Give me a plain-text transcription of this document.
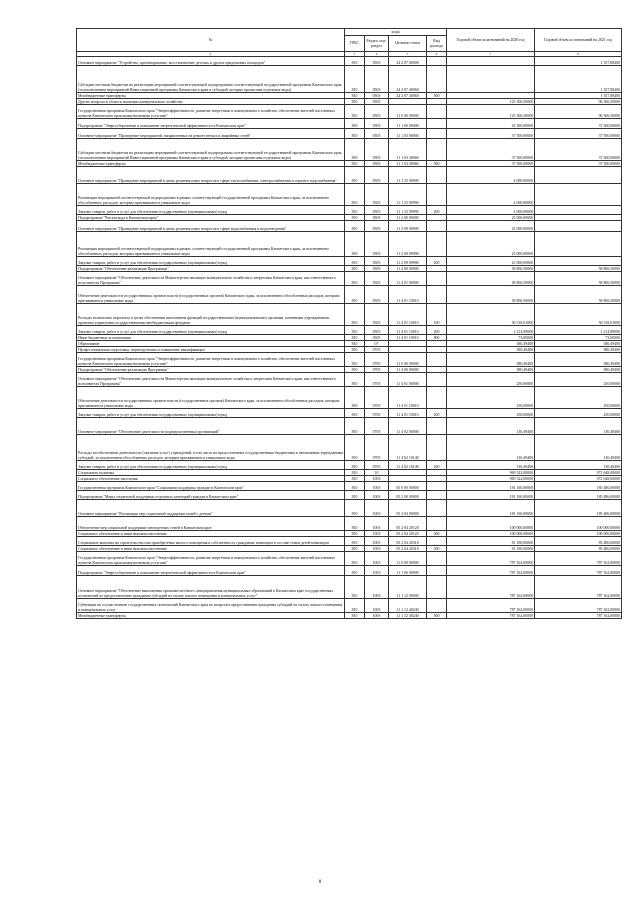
№	коды				Годовой объем ассигнований на 2020 год	Годовой объем ассигнований на 2021 год
	ГРБС	Раздел, под-раздел	Целевая статья	Вид расхода		
2	3	4	5	6	7	8
Основное мероприятие "Устройство, проектирование, восстановление детских и других придомовых площадок"	810	0503	24 2 07 00000			1 357,88400
Субсидии местным бюджетам на реализацию мероприятий соответствующей подпрограммы соответствующей государственной программы Камчатского края (за исключением мероприятий Инвестиционной программы Камчатского края и субсидий, которые прописаны отдельные коды)	810	0503	24 2 07 40060			1 357,88400
Межбюджетные трансферты	810	0503	24 2 07 40060	500		1 357,88400
Другие вопросы в области жилищно-коммунального хозяйства	810	0505			125 306,50000	96 306,50000
Государственная программа Камчатского края "Энергоэффективность, развитие энергетики и коммунального хозяйства, обеспечение жителей населенных пунктов Камчатского края коммунальными услугами"	810	0505	11 0 00 00000		125 306,50000	96 306,50000
Подпрограмма "Энергосбережение и повышение энергетической эффективности в Камчатском крае"	810	0505	11 1 00 00000		41 500,00000	37 500,00000
Основное мероприятие "Проведение мероприятий, направленных на ремонт ветхих и аварийных сетей"	810	0505	11 1 03 00000		37 500,00000	37 500,00000
Субсидии местным бюджетам на реализацию мероприятий соответствующей подпрограммы соответствующей государственной программы Камчатского края (за исключением мероприятий Инвестиционной программы Камчатского края и субсидий, которые прописаны отдельные коды)	810	0505	11 1 03 40060		37 500,00000	37 500,00000
Межбюджетные трансферты	810	0505	11 1 03 40060	500	37 500,00000	37 500,00000
Основное мероприятие "Проведение мероприятий в целях решения иных вопросов в сфере теплоснабжения, электроснабжения и горячего водоснабжения"	810	0505	11 1 25 00000		4 000,00000	
Реализация мероприятий соответствующей подпрограммы в рамках соответствующей государственной программы Камчатского края, за исключением обособленных расходов, которым присваиваются уникальные коды	810	0505	11 1 25 09990		4 000,00000	
Закупка товаров, работ и услуг для обеспечения государственных (муниципальных) нужд	810	0505	11 1 25 09990	200	4 000,00000	
Подпрограмма "Чистая вода в Камчатском крае"	810	0505	11 2 00 00000		25 000,00000	
Основное мероприятие "Проведение мероприятий в целях решения иных вопросов в сфере водоснабжения и водоотведения"	810	0505	11 2 09 00000		25 000,00000	
Реализация мероприятий соответствующей подпрограммы в рамках соответствующей государственной программы Камчатского края, за исключением обособленных расходов, которым присваиваются уникальные коды	810	0505	11 2 09 09990		25 000,00000	
Закупка товаров, работ и услуг для обеспечения государственных (муниципальных) нужд	810	0505	11 2 09 09990	200	25 000,00000	
Подпрограмма "Обеспечение реализации Программы"	810	0505	11 4 00 00000		58 806,50000	58 806,50000
Основное мероприятие "Обеспечение деятельности Министерства жилищно-коммунального хозяйства и энергетики Камчатского края, как ответственного исполнителя Программы"	810	0505	11 4 01 00000		58 806,50000	58 806,50000
Обеспечение деятельности государственных органов власти (государственных органов) Камчатского края, за исключением обособленных расходов, которым присваиваются уникальные коды	810	0505	11 4 01 10010		58 806,50000	58 806,50000
Расходы на выплаты персоналу в целях обеспечения выполнения функций государственными (муниципальными) органами, казенными учреждениями, органами управления государственными внебюджетными фондами	810	0505	11 4 01 10010	100	56 518,61000	56 518,61000
Закупка товаров, работ и услуг для обеспечения государственных (муниципальных) нужд	810	0505	11 4 01 10010	200	2 214,89000	2 214,89000
Иные бюджетные ассигнования	810	0505	11 4 01 10010	800	73,00000	73,00000
Образование	810	07			380,49400	380,49400
Профессиональная подготовка, переподготовка и повышение квалификации	810	0705			380,49400	380,49400
Государственная программа Камчатского края "Энергоэффективность, развитие энергетики и коммунального хозяйства, обеспечение жителей населенных пунктов Камчатского края коммунальными услугами"	810	0705	11 0 00 00000		380,49400	380,49400
Подпрограмма "Обеспечение реализации Программы"	810	0705	11 4 00 00000		380,49400	380,49400
Основное мероприятие "Обеспечение деятельности Министерства жилищно-коммунального хозяйства и энергетики Камчатского края, как ответственного исполнителя Программы"	810	0705	11 4 01 00000		250,00000	250,00000
Обеспечение деятельности государственных органов власти (государственных органов) Камчатского края, за исключением обособленных расходов, которым присваиваются уникальные коды	810	0705	11 4 01 10010		250,00000	250,00000
Закупка товаров, работ и услуг для обеспечения государственных (муниципальных) нужд	810	0705	11 4 01 10010	200	250,00000	250,00000
Основное мероприятие "Обеспечение деятельности подведомственных организаций"	810	0705	11 4 02 00000		130,49400	130,49400
Расходы на обеспечение деятельности (оказание услуг) учреждений, в том числе на предоставление государственным бюджетным и автономным учреждениям субсидий, за исключением обособленных расходов, которым присваиваются уникальные коды	810	0705	11 4 02 10140		130,49400	130,49400
Закупка товаров, работ и услуг для обеспечения государственных (муниципальных) нужд	810	0705	11 4 02 10140	200	130,49400	130,49400
Социальная политика	810	10			969 322,00000	972 648,00000
Социальное обеспечение населения	810	1003			969 322,00000	972 648,00000
Государственная программа Камчатского края "Социальная поддержка граждан в Камчатском крае"	810	1003	05 0 00 00000		181 160,00000	185 486,00000
Подпрограмма "Меры социальной поддержки отдельных категорий граждан в Камчатском крае"	810	1003	05 2 00 00000		181 160,00000	185 486,00000
Основное мероприятие "Реализация мер социальной поддержки семей с детьми"	810	1003	05 2 04 00000		181 160,00000	185 486,00000
Обеспечение мер социальной поддержки многодетных семей в Камчатском крае	810	1003	05 2 04 20120		100 000,00000	100 000,00000
Социальное обеспечение и иные выплаты населению	810	1003	05 2 04 20120	300	100 000,00000	100 000,00000
Социальные выплаты на строительство или приобретение жилого помещения в собственность гражданам, имеющим в составе семьи детей-инвалидов	810	1003	05 2 04 20310		81 160,00000	85 486,00000
Социальное обеспечение и иные выплаты населению	810	1003	05 2 04 20310	300	81 160,00000	85 486,00000
Государственная программа Камчатского края "Энергоэффективность, развитие энергетики и коммунального хозяйства, обеспечение жителей населенных пунктов Камчатского края коммунальными услугами"	810	1003	11 0 00 00000		787 162,00000	787 162,00000
Подпрограмма "Энергосбережение и повышение энергетической эффективности в Камчатском крае"	810	1003	11 1 00 00000		787 162,00000	787 162,00000
Основное мероприятие "Обеспечение выполнения органами местного самоуправления муниципальных образований в Камчатском крае государственных полномочий по предоставлению гражданам субсидий на оплату жилого помещения и коммунальных услуг"	810	1003	11 1 12 00000		787 162,00000	787 162,00000
Субвенции на осуществление государственных полномочий Камчатского края по вопросам предоставления гражданам субсидий на оплату жилого помещения и коммунальных услуг	810	1003	11 1 12 40240		787 162,00000	787 162,00000
Межбюджетные трансферты	810	1003	11 1 12 40240	500	787 162,00000	787 162,00000
8
